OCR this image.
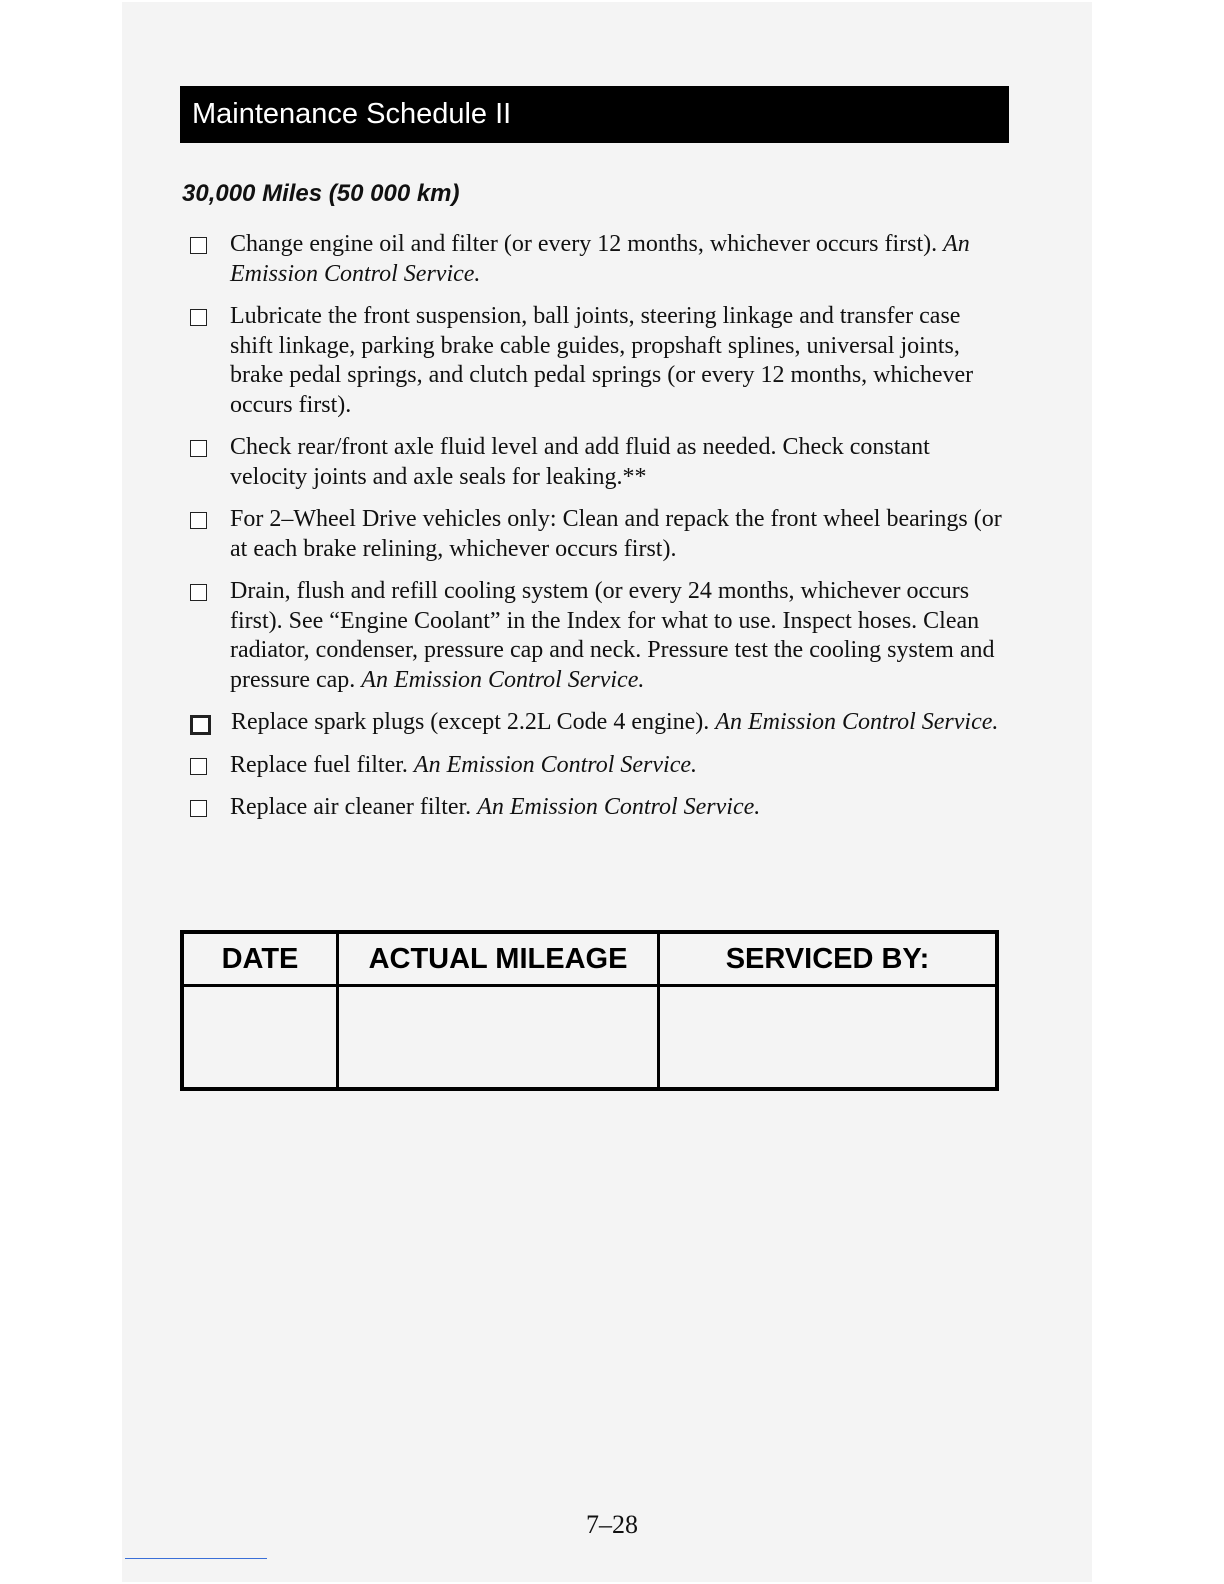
Maintenance Schedule II
30,000 Miles (50 000 km)
Change engine oil and filter (or every 12 months, whichever occurs first). An Emission Control Service.
Lubricate the front suspension, ball joints, steering linkage and transfer case shift linkage, parking brake cable guides, propshaft splines, universal joints, brake pedal springs, and clutch pedal springs (or every 12 months, whichever occurs first).
Check rear/front axle fluid level and add fluid as needed. Check constant velocity joints and axle seals for leaking.**
For 2–Wheel Drive vehicles only: Clean and repack the front wheel bearings (or at each brake relining, whichever occurs first).
Drain, flush and refill cooling system (or every 24 months, whichever occurs first). See “Engine Coolant” in the Index for what to use. Inspect hoses. Clean radiator, condenser, pressure cap and neck. Pressure test the cooling system and pressure cap. An Emission Control Service.
Replace spark plugs (except 2.2L Code 4 engine). An Emission Control Service.
Replace fuel filter. An Emission Control Service.
Replace air cleaner filter. An Emission Control Service.
DATE	ACTUAL MILEAGE	SERVICED BY:

7–28
